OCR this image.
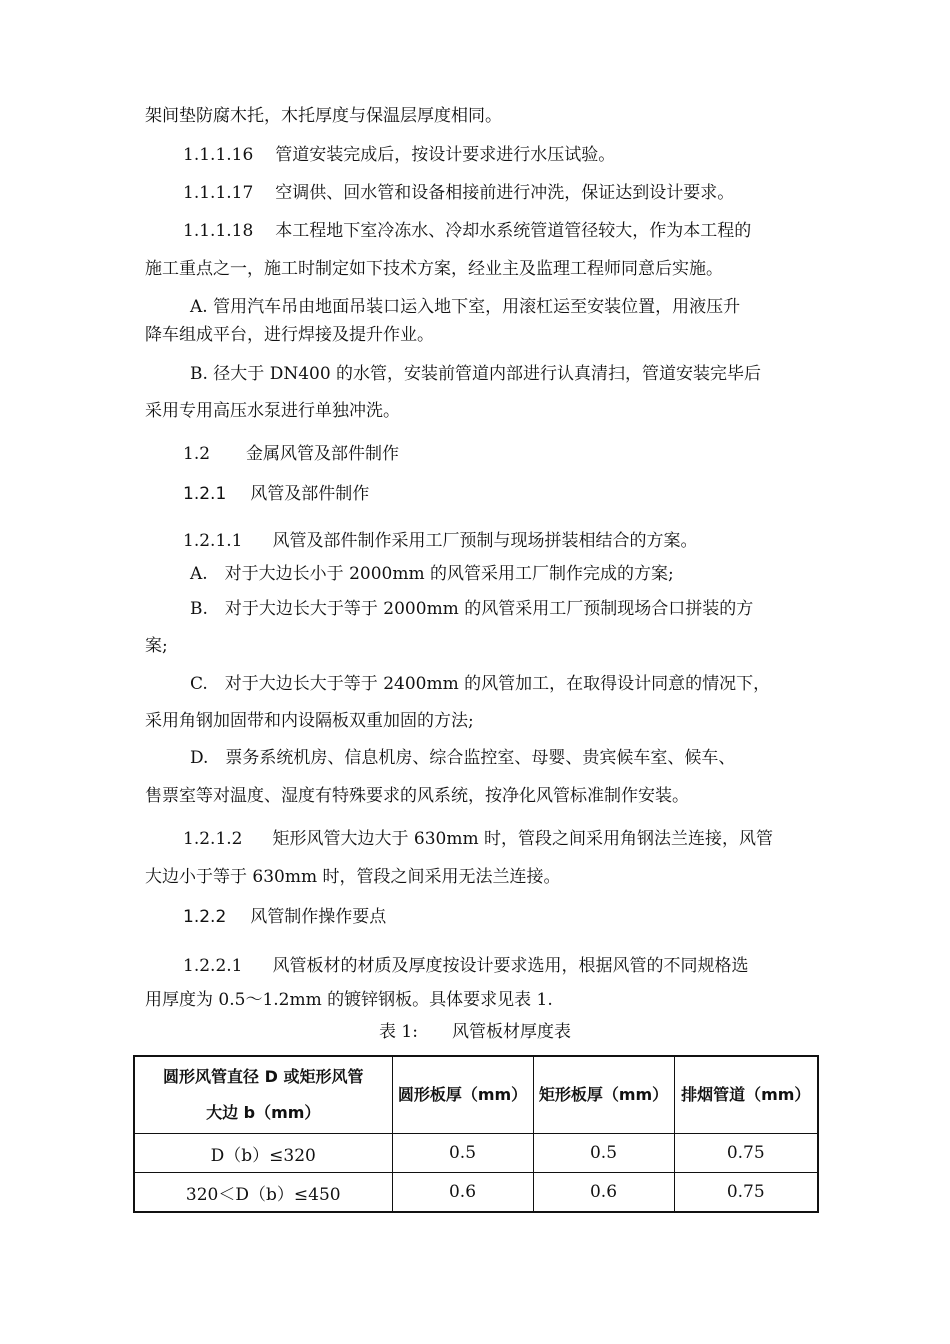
架间垫防腐木托，木托厚度与保温层厚度相同。
1.1.1.16 管道安装完成后，按设计要求进行水压试验。
1.1.1.17 空调供、回水管和设备相接前进行冲洗，保证达到设计要求。
1.1.1.18 本工程地下室冷冻水、冷却水系统管道管径较大，作为本工程的
施工重点之一，施工时制定如下技术方案，经业主及监理工程师同意后实施。
A. 管用汽车吊由地面吊装口运入地下室，用滚杠运至安装位置，用液压升
降车组成平台，进行焊接及提升作业。
B. 径大于 DN400 的水管，安装前管道内部进行认真清扫，管道安装完毕后
采用专用高压水泵进行单独冲洗。
1.2 金属风管及部件制作
1.2.1 风管及部件制作
1.2.1.1 风管及部件制作采用工厂预制与现场拼装相结合的方案。
A.　对于大边长小于 2000mm 的风管采用工厂制作完成的方案;
B.　对于大边长大于等于 2000mm 的风管采用工厂预制现场合口拼装的方
案;
C.　对于大边长大于等于 2400mm 的风管加工，在取得设计同意的情况下，
采用角钢加固带和内设隔板双重加固的方法;
D.　票务系统机房、信息机房、综合监控室、母婴、贵宾候车室、候车、
售票室等对温度、湿度有特殊要求的风系统，按净化风管标准制作安装。
1.2.1.2 矩形风管大边大于 630mm 时，管段之间采用角钢法兰连接，风管
大边小于等于 630mm 时，管段之间采用无法兰连接。
1.2.2 风管制作操作要点
1.2.2.1 风管板材的材质及厚度按设计要求选用，根据风管的不同规格选
用厚度为 0.5～1.2mm 的镀锌钢板。具体要求见表 1.
表 1:　　风管板材厚度表
圆形风管直径 D 或矩形风管
大边 b（mm）	圆形板厚（mm）	矩形板厚（mm）	排烟管道（mm）
D（b）≤320	0.5	0.5	0.75
320＜D（b）≤450	0.6	0.6	0.75
